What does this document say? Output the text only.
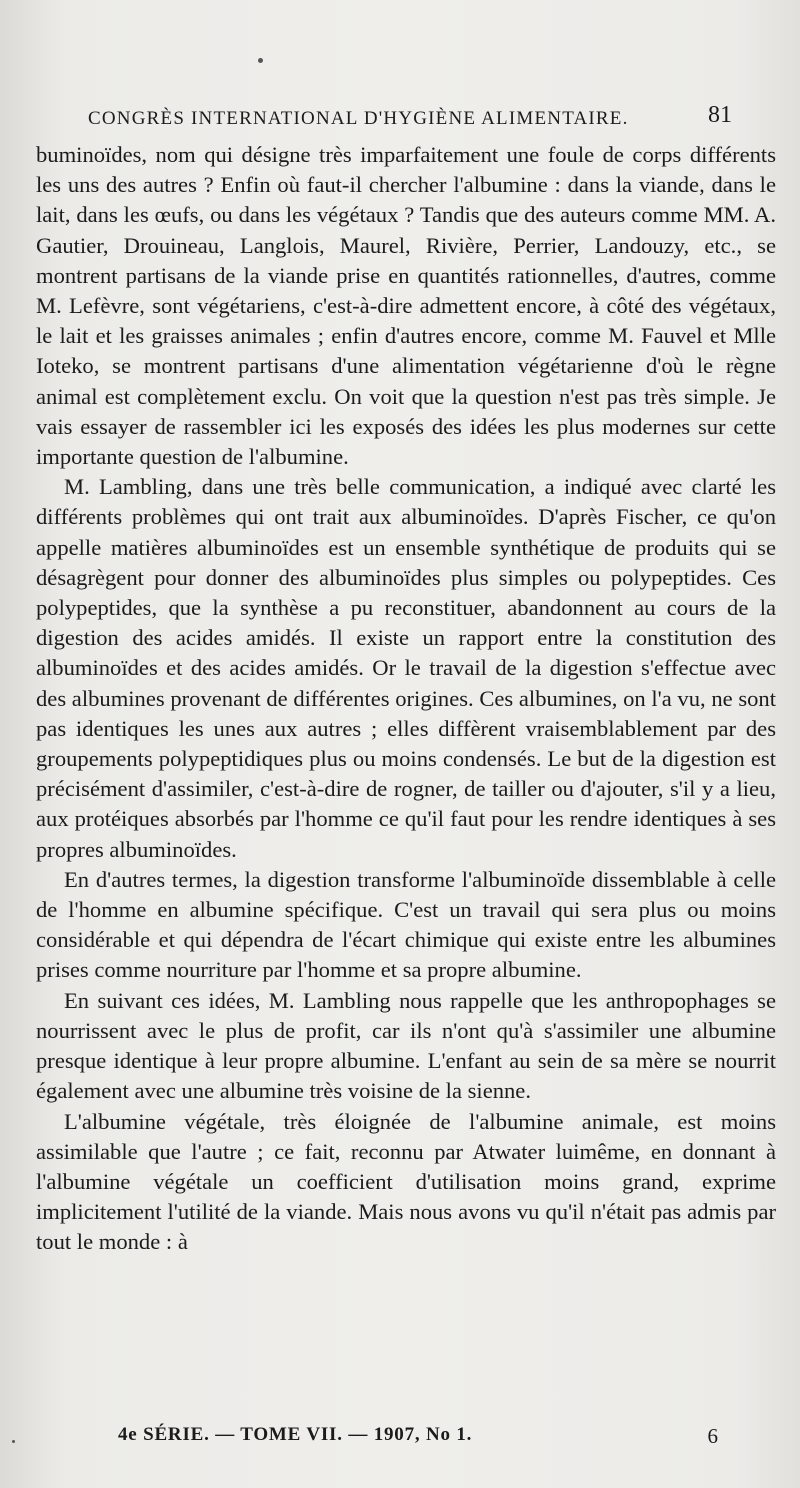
CONGRÈS INTERNATIONAL D'HYGIÈNE ALIMENTAIRE.	81

buminoïdes, nom qui désigne très imparfaitement une foule de corps différents les uns des autres ? Enfin où faut-il chercher l'albumine : dans la viande, dans le lait, dans les œufs, ou dans les végétaux ? Tandis que des auteurs comme MM. A. Gautier, Drouineau, Langlois, Maurel, Rivière, Perrier, Landouzy, etc., se montrent partisans de la viande prise en quantités rationnelles, d'autres, comme M. Lefèvre, sont végétariens, c'est-à-dire admettent encore, à côté des végétaux, le lait et les graisses animales ; enfin d'autres encore, comme M. Fauvel et Mlle Ioteko, se montrent partisans d'une alimentation végétarienne d'où le règne animal est complètement exclu. On voit que la question n'est pas très simple. Je vais essayer de rassembler ici les exposés des idées les plus modernes sur cette importante question de l'albumine.

M. Lambling, dans une très belle communication, a indiqué avec clarté les différents problèmes qui ont trait aux albuminoïdes. D'après Fischer, ce qu'on appelle matières albuminoïdes est un ensemble synthétique de produits qui se désagrègent pour donner des albuminoïdes plus simples ou polypeptides. Ces polypeptides, que la synthèse a pu reconstituer, abandonnent au cours de la digestion des acides amidés. Il existe un rapport entre la constitution des albuminoïdes et des acides amidés. Or le travail de la digestion s'effectue avec des albumines provenant de différentes origines. Ces albumines, on l'a vu, ne sont pas identiques les unes aux autres ; elles diffèrent vraisemblablement par des groupements polypeptidiques plus ou moins condensés. Le but de la digestion est précisément d'assimiler, c'est-à-dire de rogner, de tailler ou d'ajouter, s'il y a lieu, aux protéiques absorbés par l'homme ce qu'il faut pour les rendre identiques à ses propres albuminoïdes.

En d'autres termes, la digestion transforme l'albuminoïde dissemblable à celle de l'homme en albumine spécifique. C'est un travail qui sera plus ou moins considérable et qui dépendra de l'écart chimique qui existe entre les albumines prises comme nourriture par l'homme et sa propre albumine.

En suivant ces idées, M. Lambling nous rappelle que les anthropophages se nourrissent avec le plus de profit, car ils n'ont qu'à s'assimiler une albumine presque identique à leur propre albumine. L'enfant au sein de sa mère se nourrit également avec une albumine très voisine de la sienne.

L'albumine végétale, très éloignée de l'albumine animale, est moins assimilable que l'autre ; ce fait, reconnu par Atwater luimême, en donnant à l'albumine végétale un coefficient d'utilisation moins grand, exprime implicitement l'utilité de la viande. Mais nous avons vu qu'il n'était pas admis par tout le monde : à

4e SÉRIE. — TOME VII. — 1907, No 1.	6
